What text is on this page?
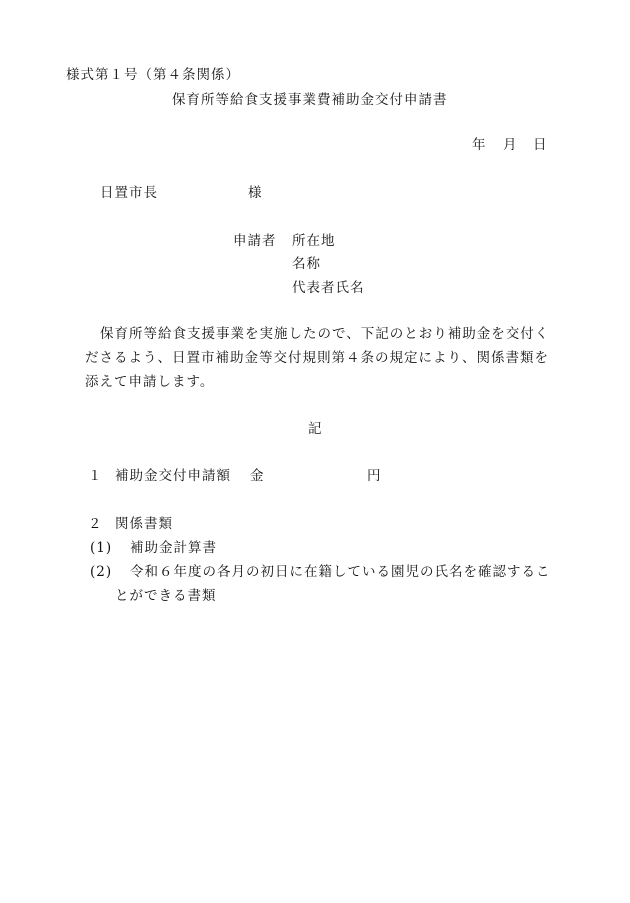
様式第１号（第４条関係）
保育所等給食支援事業費補助金交付申請書
年 月 日
日置市長	様
申請者 所在地
名称
代表者氏名
保育所等給食支援事業を実施したので、下記のとおり補助金を交付く
ださるよう、日置市補助金等交付規則第４条の規定により、関係書類を
添えて申請します。
記
１ 補助金交付申請額 金	円
２ 関係書類
(1) 補助金計算書
(2) 令和６年度の各月の初日に在籍している園児の氏名を確認するこ
とができる書類
